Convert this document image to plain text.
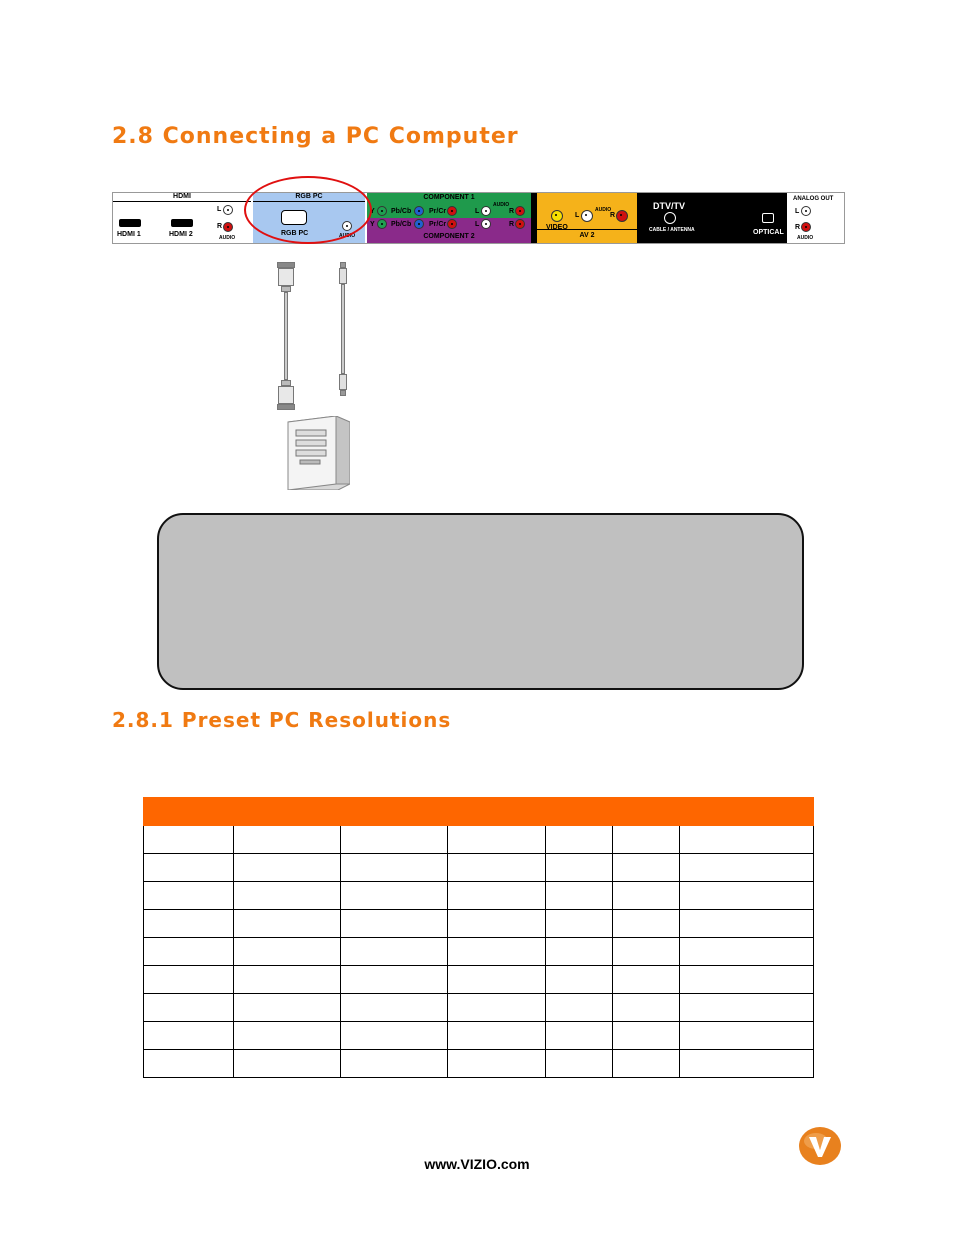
2.8 Connecting a PC Computer
2.8.1 Preset PC Resolutions
HDMI
HDMI 1	HDMI 2
L
R
AUDIO
RGB PC
RGB PC	AUDIO
COMPONENT 1
COMPONENT 2
Y Pb/Cb	Pr/Cr
AUDIO
L	R
Y Pb/Cb	Pr/Cr	L	R	VIDEO
L
AUDIO
R
AV 2
DTV/TV
CABLE / ANTENNA	OPTICAL
ANALOG OUT
L
R
AUDIO

www.VIZIO.com
